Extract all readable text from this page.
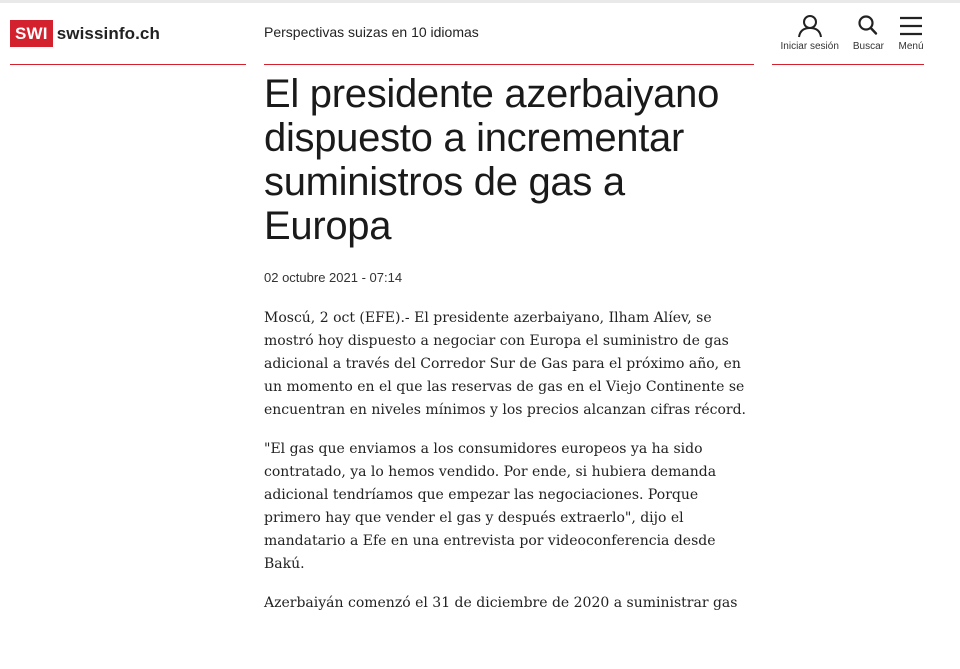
SWI swissinfo.ch	Perspectivas suizas en 10 idiomas
Iniciar sesión Buscar Menú
El presidente azerbaiyano dispuesto a incrementar suministros de gas a Europa
02 octubre 2021 - 07:14

Moscú, 2 oct (EFE).- El presidente azerbaiyano, Ilham Alíev, se mostró hoy dispuesto a negociar con Europa el suministro de gas adicional a través del Corredor Sur de Gas para el próximo año, en un momento en el que las reservas de gas en el Viejo Continente se encuentran en niveles mínimos y los precios alcanzan cifras récord.

"El gas que enviamos a los consumidores europeos ya ha sido contratado, ya lo hemos vendido. Por ende, si hubiera demanda adicional tendríamos que empezar las negociaciones. Porque primero hay que vender el gas y después extraerlo", dijo el mandatario a Efe en una entrevista por videoconferencia desde Bakú.

Azerbaiyán comenzó el 31 de diciembre de 2020 a suministrar gas
